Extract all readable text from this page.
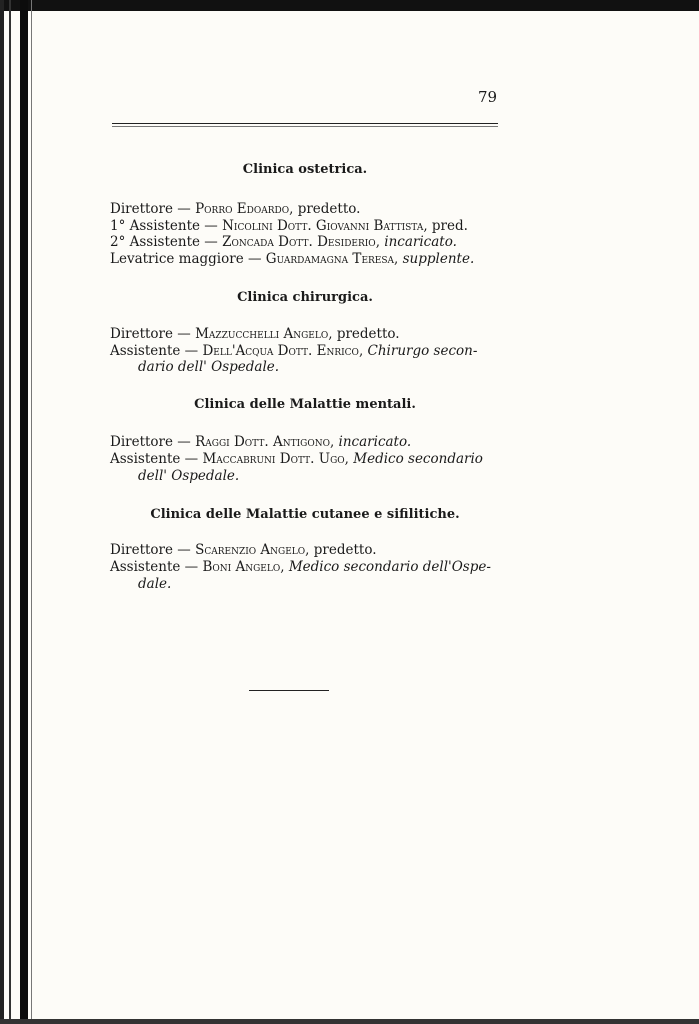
79
Clinica ostetrica.
Direttore — Porro Edoardo, predetto.
1° Assistente — Nicolini Dott. Giovanni Battista, pred.
2° Assistente — Zoncada Dott. Desiderio, incaricato.
Levatrice maggiore — Guardamagna Teresa, supplente.
Clinica chirurgica.
Direttore — Mazzucchelli Angelo, predetto.
Assistente — Dell'Acqua Dott. Enrico, Chirurgo secon-
dario dell' Ospedale.
Clinica delle Malattie mentali.
Direttore — Raggi Dott. Antigono, incaricato.
Assistente — Maccabruni Dott. Ugo, Medico secondario
dell' Ospedale.
Clinica delle Malattie cutanee e sifilitiche.
Direttore — Scarenzio Angelo, predetto.
Assistente — Boni Angelo, Medico secondario dell'Ospe-
dale.
